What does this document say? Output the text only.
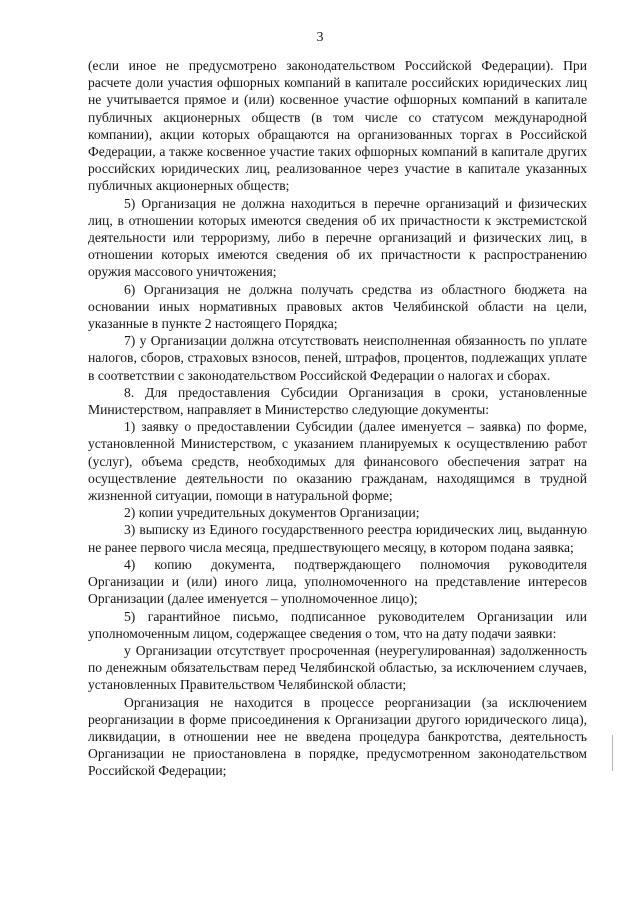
3

(если иное не предусмотрено законодательством Российской Федерации). При расчете доли участия офшорных компаний в капитале российских юридических лиц не учитывается прямое и (или) косвенное участие офшорных компаний в капитале публичных акционерных обществ (в том числе со статусом международной компании), акции которых обращаются на организованных торгах в Российской Федерации, а также косвенное участие таких офшорных компаний в капитале других российских юридических лиц, реализованное через участие в капитале указанных публичных акционерных обществ;

5) Организация не должна находиться в перечне организаций и физических лиц, в отношении которых имеются сведения об их причастности к экстремистской деятельности или терроризму, либо в перечне организаций и физических лиц, в отношении которых имеются сведения об их причастности к распространению оружия массового уничтожения;

6) Организация не должна получать средства из областного бюджета на основании иных нормативных правовых актов Челябинской области на цели, указанные в пункте 2 настоящего Порядка;

7) у Организации должна отсутствовать неисполненная обязанность по уплате налогов, сборов, страховых взносов, пеней, штрафов, процентов, подлежащих уплате в соответствии с законодательством Российской Федерации о налогах и сборах.

8. Для предоставления Субсидии Организация в сроки, установленные Министерством, направляет в Министерство следующие документы:

1) заявку о предоставлении Субсидии (далее именуется – заявка) по форме, установленной Министерством, с указанием планируемых к осуществлению работ (услуг), объема средств, необходимых для финансового обеспечения затрат на осуществление деятельности по оказанию гражданам, находящимся в трудной жизненной ситуации, помощи в натуральной форме;

2) копии учредительных документов Организации;

3) выписку из Единого государственного реестра юридических лиц, выданную не ранее первого числа месяца, предшествующего месяцу, в котором подана заявка;

4) копию документа, подтверждающего полномочия руководителя Организации и (или) иного лица, уполномоченного на представление интересов Организации (далее именуется – уполномоченное лицо);

5) гарантийное письмо, подписанное руководителем Организации или уполномоченным лицом, содержащее сведения о том, что на дату подачи заявки:

у Организации отсутствует просроченная (неурегулированная) задолженность по денежным обязательствам перед Челябинской областью, за исключением случаев, установленных Правительством Челябинской области;

Организация не находится в процессе реорганизации (за исключением реорганизации в форме присоединения к Организации другого юридического лица), ликвидации, в отношении нее не введена процедура банкротства, деятельность Организации не приостановлена в порядке, предусмотренном законодательством Российской Федерации;
